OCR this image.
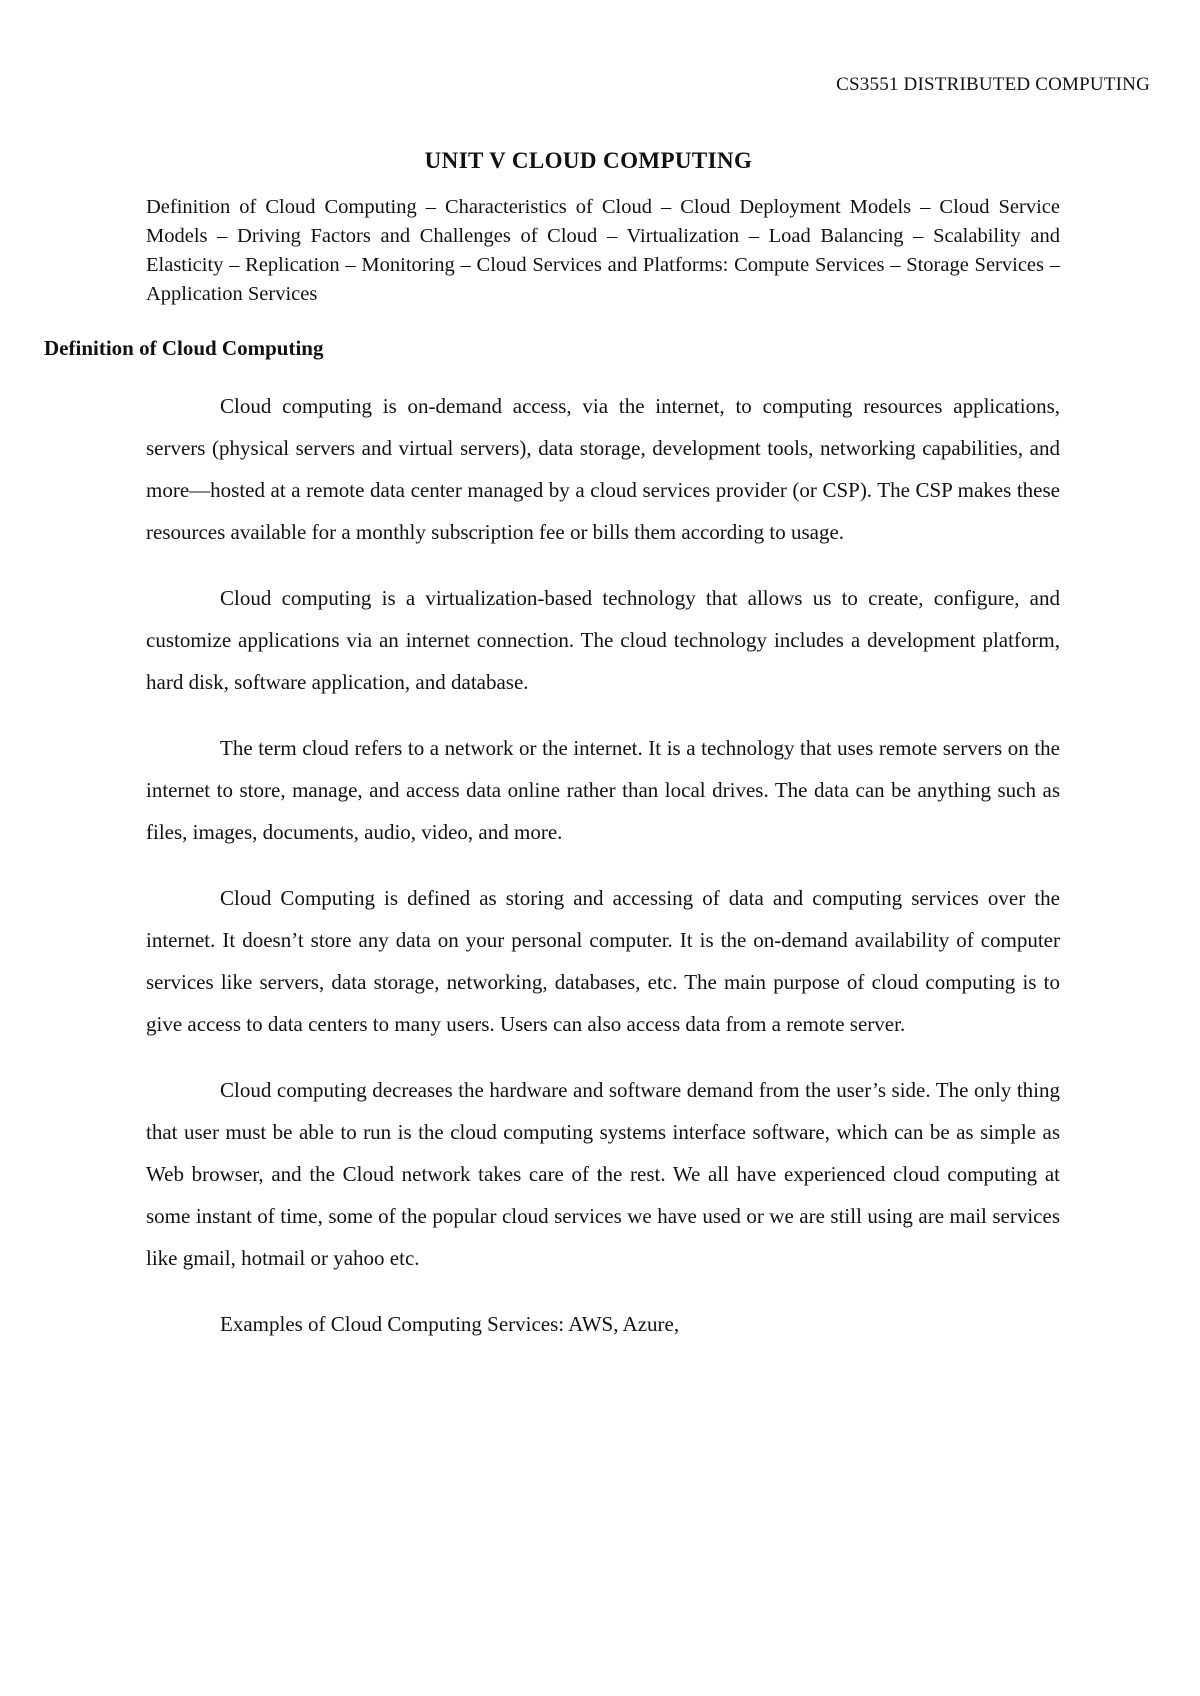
CS3551 DISTRIBUTED COMPUTING
UNIT V CLOUD COMPUTING
Definition of Cloud Computing – Characteristics of Cloud – Cloud Deployment Models – Cloud Service Models – Driving Factors and Challenges of Cloud – Virtualization – Load Balancing – Scalability and Elasticity – Replication – Monitoring – Cloud Services and Platforms: Compute Services – Storage Services – Application Services
Definition of Cloud Computing

Cloud computing is on-demand access, via the internet, to computing resources applications, servers (physical servers and virtual servers), data storage, development tools, networking capabilities, and more—hosted at a remote data center managed by a cloud services provider (or CSP). The CSP makes these resources available for a monthly subscription fee or bills them according to usage.

Cloud computing is a virtualization-based technology that allows us to create, configure, and customize applications via an internet connection. The cloud technology includes a development platform, hard disk, software application, and database.

The term cloud refers to a network or the internet. It is a technology that uses remote servers on the internet to store, manage, and access data online rather than local drives. The data can be anything such as files, images, documents, audio, video, and more.

Cloud Computing is defined as storing and accessing of data and computing services over the internet. It doesn’t store any data on your personal computer. It is the on-demand availability of computer services like servers, data storage, networking, databases, etc. The main purpose of cloud computing is to give access to data centers to many users. Users can also access data from a remote server.

Cloud computing decreases the hardware and software demand from the user’s side. The only thing that user must be able to run is the cloud computing systems interface software, which can be as simple as Web browser, and the Cloud network takes care of the rest. We all have experienced cloud computing at some instant of time, some of the popular cloud services we have used or we are still using are mail services like gmail, hotmail or yahoo etc.

Examples of Cloud Computing Services: AWS, Azure,
